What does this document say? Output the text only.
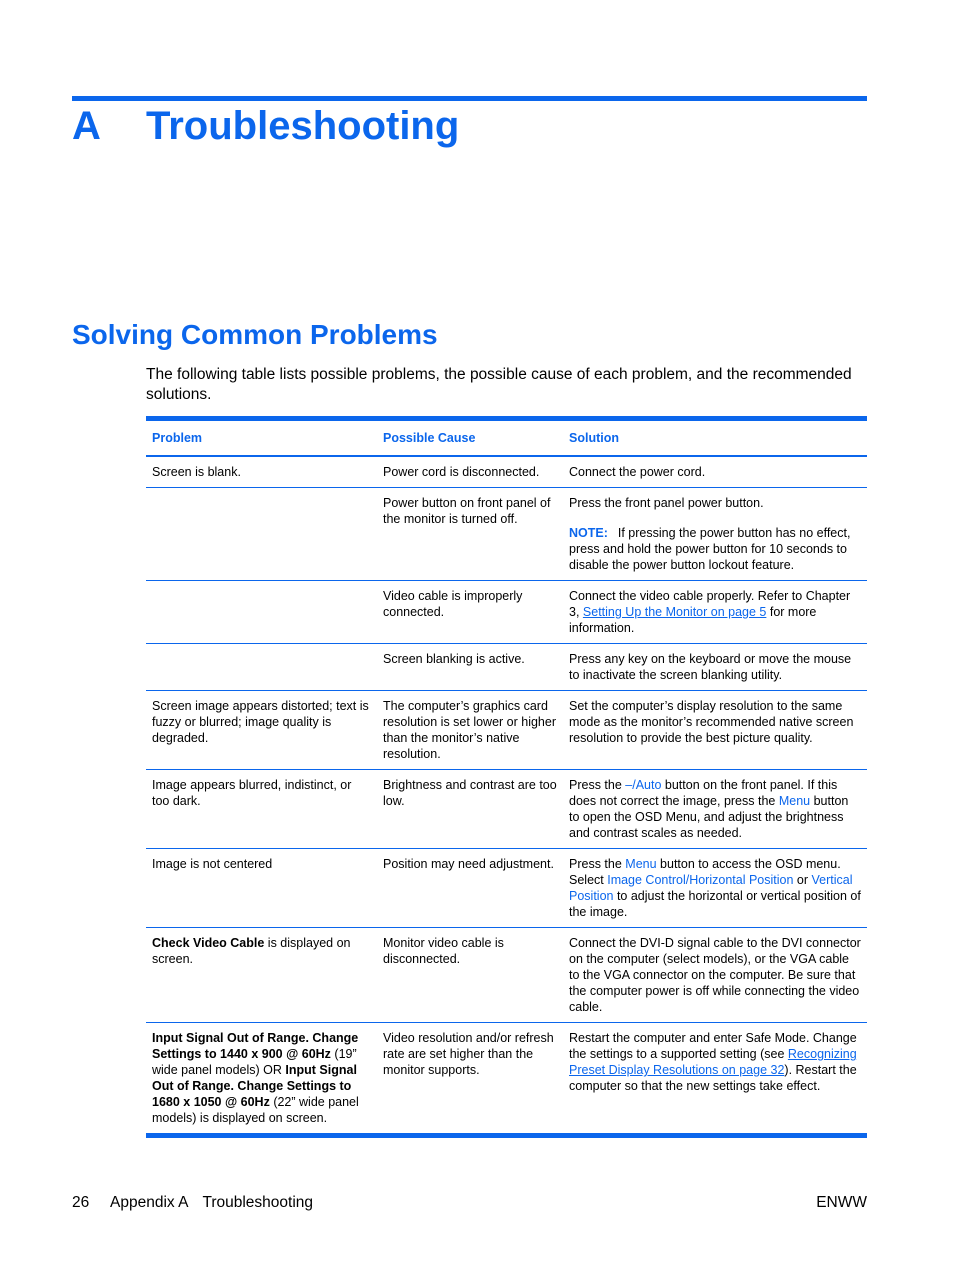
A Troubleshooting
Solving Common Problems

The following table lists possible problems, the possible cause of each problem, and the recommended solutions.

Problem	Possible Cause	Solution
Screen is blank.	Power cord is disconnected.	Connect the power cord.
	Power button on front panel of the monitor is turned off.	Press the front panel power button.

NOTE: If pressing the power button has no effect, press and hold the power button for 10 seconds to disable the power button lockout feature.

	Video cable is improperly connected.	Connect the video cable properly. Refer to Chapter 3, Setting Up the Monitor on page 5 for more information.
	Screen blanking is active.	Press any key on the keyboard or move the mouse to inactivate the screen blanking utility.
Screen image appears distorted; text is fuzzy or blurred; image quality is degraded.	The computer’s graphics card resolution is set lower or higher than the monitor’s native resolution.	Set the computer’s display resolution to the same mode as the monitor’s recommended native screen resolution to provide the best picture quality.
Image appears blurred, indistinct, or too dark.	Brightness and contrast are too low.	Press the –/Auto button on the front panel. If this does not correct the image, press the Menu button to open the OSD Menu, and adjust the brightness and contrast scales as needed.
Image is not centered	Position may need adjustment.	Press the Menu button to access the OSD menu. Select Image Control/Horizontal Position or Vertical Position to adjust the horizontal or vertical position of the image.
Check Video Cable is displayed on screen.	Monitor video cable is disconnected.	Connect the DVI-D signal cable to the DVI connector on the computer (select models), or the VGA cable to the VGA connector on the computer. Be sure that the computer power is off while connecting the video cable.
Input Signal Out of Range. Change Settings to 1440 x 900 @ 60Hz (19” wide panel models) OR Input Signal Out of Range. Change Settings to 1680 x 1050 @ 60Hz (22” wide panel models) is displayed on screen.	Video resolution and/or refresh rate are set higher than the monitor supports.	Restart the computer and enter Safe Mode. Change the settings to a supported setting (see Recognizing Preset Display Resolutions on page 32). Restart the computer so that the new settings take effect.
26 Appendix A Troubleshooting	ENWW
